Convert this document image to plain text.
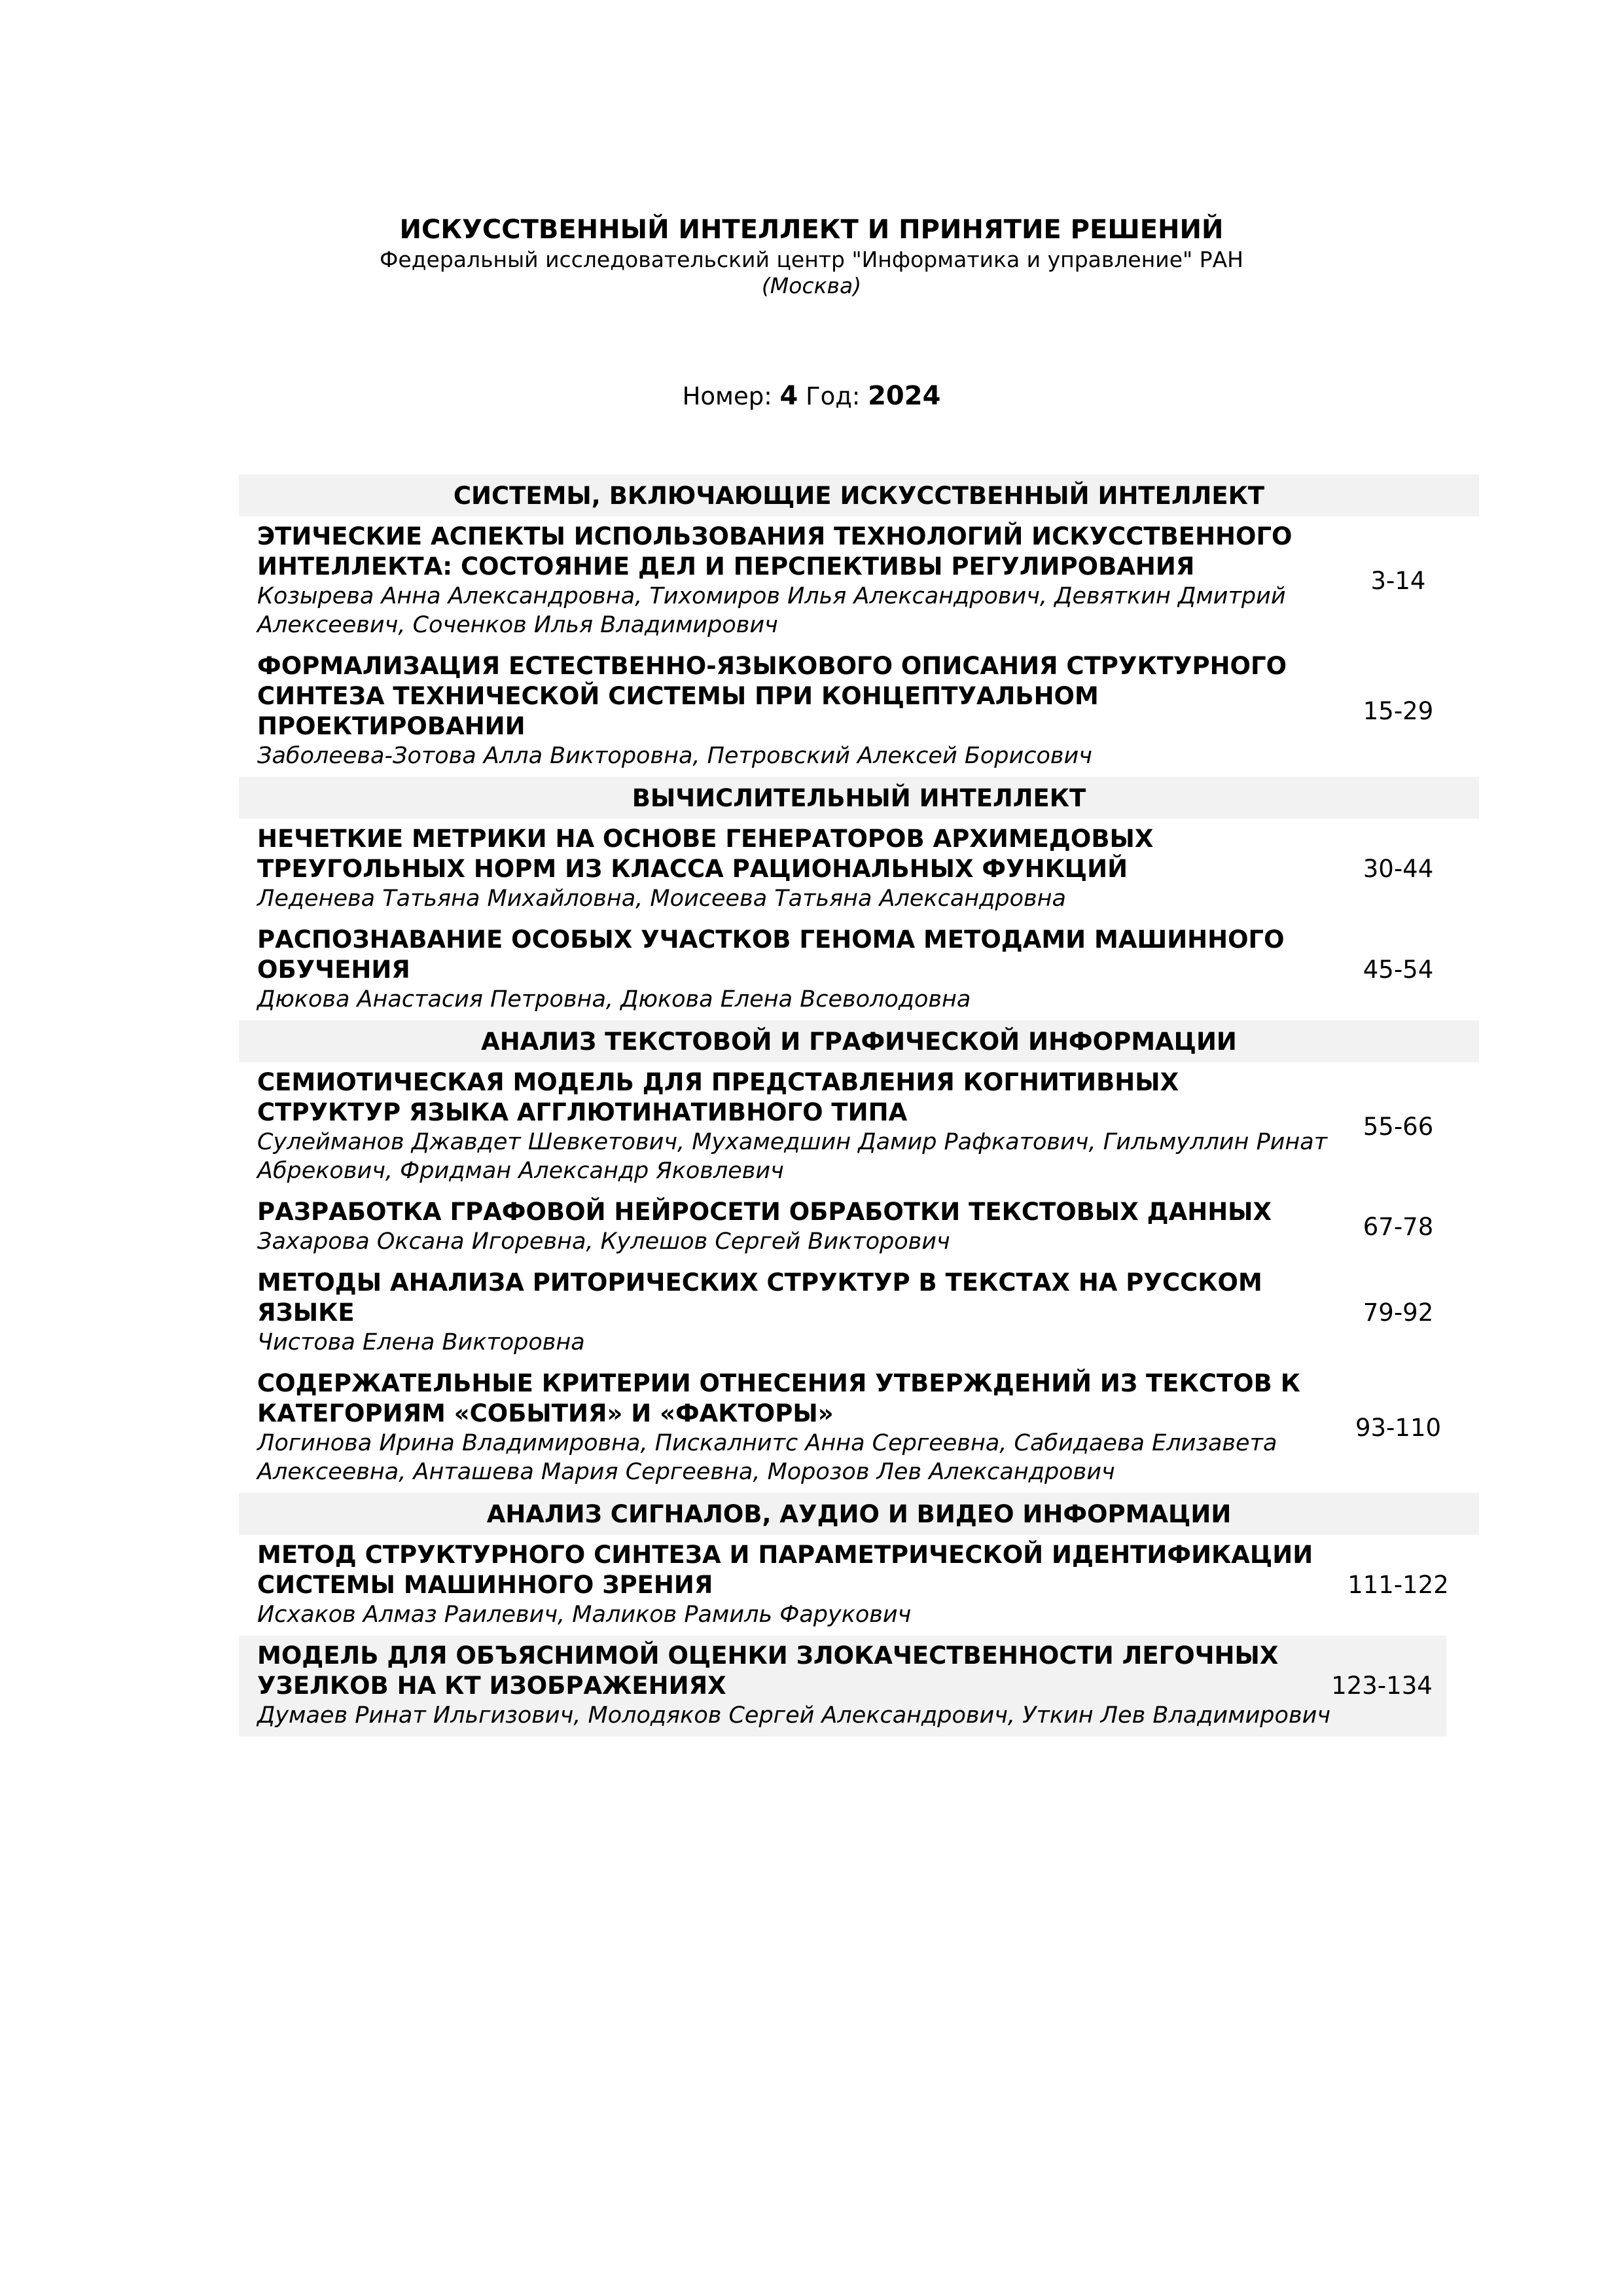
ИСКУССТВЕННЫЙ ИНТЕЛЛЕКТ И ПРИНЯТИЕ РЕШЕНИЙ
Федеральный исследовательский центр "Информатика и управление" РАН
(Москва)
Номер: 4 Год: 2024
СИСТЕМЫ, ВКЛЮЧАЮЩИЕ ИСКУССТВЕННЫЙ ИНТЕЛЛЕКТ
ЭТИЧЕСКИЕ АСПЕКТЫ ИСПОЛЬЗОВАНИЯ ТЕХНОЛОГИЙ ИСКУССТВЕННОГО ИНТЕЛЛЕКТА: СОСТОЯНИЕ ДЕЛ И ПЕРСПЕКТИВЫ РЕГУЛИРОВАНИЯ
Козырева Анна Александровна, Тихомиров Илья Александрович, Девяткин Дмитрий Алексеевич, Соченков Илья Владимирович
3-14
ФОРМАЛИЗАЦИЯ ЕСТЕСТВЕННО-ЯЗЫКОВОГО ОПИСАНИЯ СТРУКТУРНОГО СИНТЕЗА ТЕХНИЧЕСКОЙ СИСТЕМЫ ПРИ КОНЦЕПТУАЛЬНОМ ПРОЕКТИРОВАНИИ
Заболеева-Зотова Алла Викторовна, Петровский Алексей Борисович
15-29
ВЫЧИСЛИТЕЛЬНЫЙ ИНТЕЛЛЕКТ
НЕЧЕТКИЕ МЕТРИКИ НА ОСНОВЕ ГЕНЕРАТОРОВ АРХИМЕДОВЫХ ТРЕУГОЛЬНЫХ НОРМ ИЗ КЛАССА РАЦИОНАЛЬНЫХ ФУНКЦИЙ
Леденева Татьяна Михайловна, Моисеева Татьяна Александровна
30-44
РАСПОЗНАВАНИЕ ОСОБЫХ УЧАСТКОВ ГЕНОМА МЕТОДАМИ МАШИННОГО ОБУЧЕНИЯ
Дюкова Анастасия Петровна, Дюкова Елена Всеволодовна
45-54
АНАЛИЗ ТЕКСТОВОЙ И ГРАФИЧЕСКОЙ ИНФОРМАЦИИ
СЕМИОТИЧЕСКАЯ МОДЕЛЬ ДЛЯ ПРЕДСТАВЛЕНИЯ КОГНИТИВНЫХ СТРУКТУР ЯЗЫКА АГГЛЮТИНАТИВНОГО ТИПА
Сулейманов Джавдет Шевкетович, Мухамедшин Дамир Рафкатович, Гильмуллин Ринат Абрекович, Фридман Александр Яковлевич
55-66
РАЗРАБОТКА ГРАФОВОЙ НЕЙРОСЕТИ ОБРАБОТКИ ТЕКСТОВЫХ ДАННЫХ
Захарова Оксана Игоревна, Кулешов Сергей Викторович
67-78
МЕТОДЫ АНАЛИЗА РИТОРИЧЕСКИХ СТРУКТУР В ТЕКСТАХ НА РУССКОМ ЯЗЫКЕ
Чистова Елена Викторовна
79-92
СОДЕРЖАТЕЛЬНЫЕ КРИТЕРИИ ОТНЕСЕНИЯ УТВЕРЖДЕНИЙ ИЗ ТЕКСТОВ К КАТЕГОРИЯМ «СОБЫТИЯ» И «ФАКТОРЫ»
Логинова Ирина Владимировна, Пискалнитс Анна Сергеевна, Сабидаева Елизавета Алексеевна, Анташева Мария Сергеевна, Морозов Лев Александрович
93-110
АНАЛИЗ СИГНАЛОВ, АУДИО И ВИДЕО ИНФОРМАЦИИ
МЕТОД СТРУКТУРНОГО СИНТЕЗА И ПАРАМЕТРИЧЕСКОЙ ИДЕНТИФИКАЦИИ СИСТЕМЫ МАШИННОГО ЗРЕНИЯ
Исхаков Алмаз Раилевич, Маликов Рамиль Фарукович
111-122
МОДЕЛЬ ДЛЯ ОБЪЯСНИМОЙ ОЦЕНКИ ЗЛОКАЧЕСТВЕННОСТИ ЛЕГОЧНЫХ УЗЕЛКОВ НА КТ ИЗОБРАЖЕНИЯХ
Думаев Ринат Ильгизович, Молодяков Сергей Александрович, Уткин Лев Владимирович
123-134
